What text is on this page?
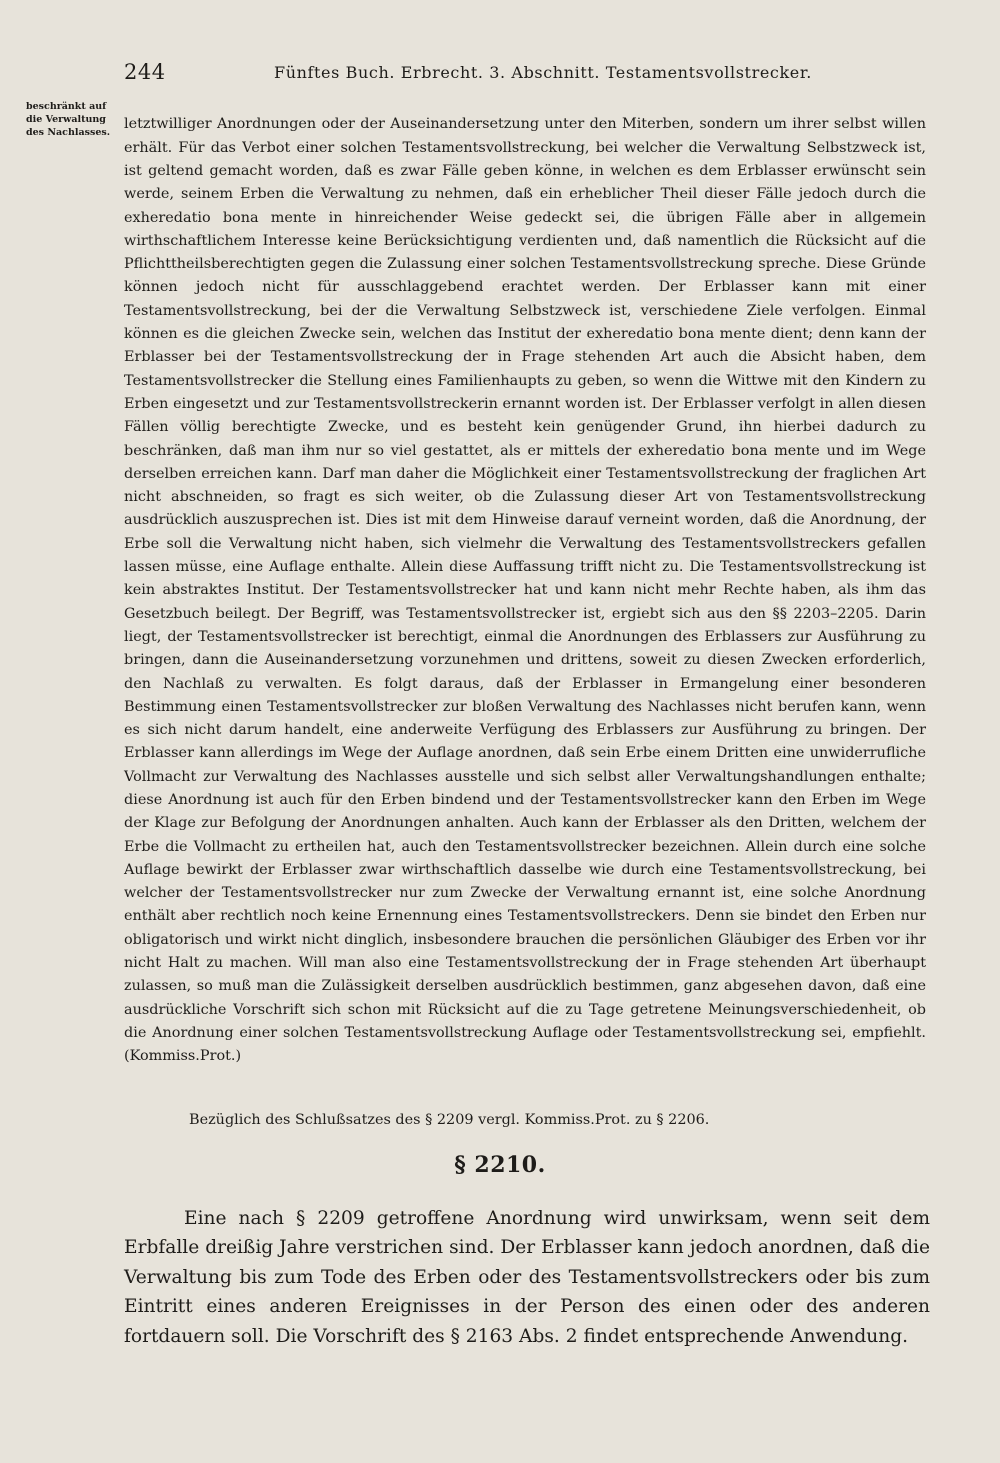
244	Fünftes Buch. Erbrecht. 3. Abschnitt. Testamentsvollstrecker.
beschränkt auf
die Verwaltung
des Nachlasses.

letztwilliger Anordnungen oder der Auseinandersetzung unter den Miterben, sondern um ihrer selbst willen erhält. Für das Verbot einer solchen Testamentsvollstreckung, bei welcher die Verwaltung Selbstzweck ist, ist geltend gemacht worden, daß es zwar Fälle geben könne, in welchen es dem Erblasser erwünscht sein werde, seinem Erben die Verwaltung zu nehmen, daß ein erheblicher Theil dieser Fälle jedoch durch die exheredatio bona mente in hinreichender Weise gedeckt sei, die übrigen Fälle aber in allgemein wirthschaftlichem Interesse keine Berücksichtigung verdienten und, daß namentlich die Rücksicht auf die Pflichttheilsberechtigten gegen die Zulassung einer solchen Testamentsvollstreckung spreche. Diese Gründe können jedoch nicht für ausschlaggebend erachtet werden. Der Erblasser kann mit einer Testamentsvollstreckung, bei der die Verwaltung Selbstzweck ist, verschiedene Ziele verfolgen. Einmal können es die gleichen Zwecke sein, welchen das Institut der exheredatio bona mente dient; denn kann der Erblasser bei der Testamentsvollstreckung der in Frage stehenden Art auch die Absicht haben, dem Testamentsvollstrecker die Stellung eines Familienhaupts zu geben, so wenn die Wittwe mit den Kindern zu Erben eingesetzt und zur Testamentsvollstreckerin ernannt worden ist. Der Erblasser verfolgt in allen diesen Fällen völlig berechtigte Zwecke, und es besteht kein genügender Grund, ihn hierbei dadurch zu beschränken, daß man ihm nur so viel gestattet, als er mittels der exheredatio bona mente und im Wege derselben erreichen kann. Darf man daher die Möglichkeit einer Testamentsvollstreckung der fraglichen Art nicht abschneiden, so fragt es sich weiter, ob die Zulassung dieser Art von Testamentsvollstreckung ausdrücklich auszusprechen ist. Dies ist mit dem Hinweise darauf verneint worden, daß die Anordnung, der Erbe soll die Verwaltung nicht haben, sich vielmehr die Verwaltung des Testamentsvollstreckers gefallen lassen müsse, eine Auflage enthalte. Allein diese Auffassung trifft nicht zu. Die Testamentsvollstreckung ist kein abstraktes Institut. Der Testamentsvollstrecker hat und kann nicht mehr Rechte haben, als ihm das Gesetzbuch beilegt. Der Begriff, was Testamentsvollstrecker ist, ergiebt sich aus den §§ 2203–2205. Darin liegt, der Testamentsvollstrecker ist berechtigt, einmal die Anordnungen des Erblassers zur Ausführung zu bringen, dann die Auseinandersetzung vorzunehmen und drittens, soweit zu diesen Zwecken erforderlich, den Nachlaß zu verwalten. Es folgt daraus, daß der Erblasser in Ermangelung einer besonderen Bestimmung einen Testamentsvollstrecker zur bloßen Verwaltung des Nachlasses nicht berufen kann, wenn es sich nicht darum handelt, eine anderweite Verfügung des Erblassers zur Ausführung zu bringen. Der Erblasser kann allerdings im Wege der Auflage anordnen, daß sein Erbe einem Dritten eine unwiderrufliche Vollmacht zur Verwaltung des Nachlasses ausstelle und sich selbst aller Verwaltungshandlungen enthalte; diese Anordnung ist auch für den Erben bindend und der Testamentsvollstrecker kann den Erben im Wege der Klage zur Befolgung der Anordnungen anhalten. Auch kann der Erblasser als den Dritten, welchem der Erbe die Vollmacht zu ertheilen hat, auch den Testamentsvollstrecker bezeichnen. Allein durch eine solche Auflage bewirkt der Erblasser zwar wirthschaftlich dasselbe wie durch eine Testamentsvollstreckung, bei welcher der Testamentsvollstrecker nur zum Zwecke der Verwaltung ernannt ist, eine solche Anordnung enthält aber rechtlich noch keine Ernennung eines Testamentsvollstreckers. Denn sie bindet den Erben nur obligatorisch und wirkt nicht dinglich, insbesondere brauchen die persönlichen Gläubiger des Erben vor ihr nicht Halt zu machen. Will man also eine Testamentsvollstreckung der in Frage stehenden Art überhaupt zulassen, so muß man die Zulässigkeit derselben ausdrücklich bestimmen, ganz abgesehen davon, daß eine ausdrückliche Vorschrift sich schon mit Rücksicht auf die zu Tage getretene Meinungsverschiedenheit, ob die Anordnung einer solchen Testamentsvollstreckung Auflage oder Testamentsvollstreckung sei, empfiehlt. (Kommiss.Prot.)

Bezüglich des Schlußsatzes des § 2209 vergl. Kommiss.Prot. zu § 2206.

§ 2210.

Eine nach § 2209 getroffene Anordnung wird unwirksam, wenn seit dem Erbfalle dreißig Jahre verstrichen sind. Der Erblasser kann jedoch anordnen, daß die Verwaltung bis zum Tode des Erben oder des Testamentsvollstreckers oder bis zum Eintritt eines anderen Ereignisses in der Person des einen oder des anderen fortdauern soll. Die Vorschrift des § 2163 Abs. 2 findet entsprechende Anwendung.
